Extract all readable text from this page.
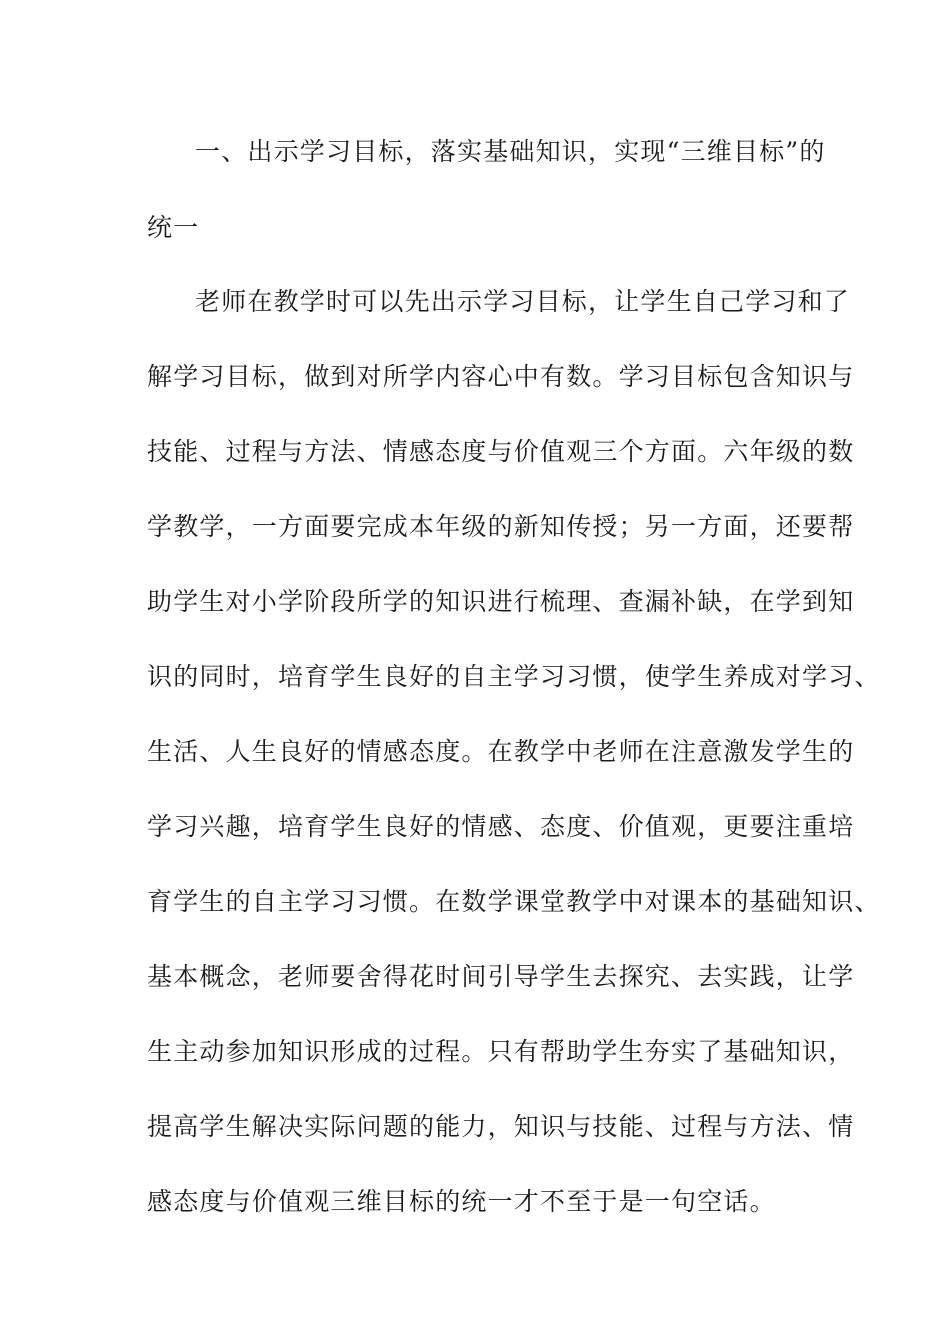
一、出示学习目标，落实基础知识，实现“三维目标”的
统一
老师在教学时可以先出示学习目标，让学生自己学习和了
解学习目标，做到对所学内容心中有数。学习目标包含知识与
技能、过程与方法、情感态度与价值观三个方面。六年级的数
学教学，一方面要完成本年级的新知传授；另一方面，还要帮
助学生对小学阶段所学的知识进行梳理、查漏补缺，在学到知
识的同时，培育学生良好的自主学习习惯，使学生养成对学习、
生活、人生良好的情感态度。在教学中老师在注意激发学生的
学习兴趣，培育学生良好的情感、态度、价值观，更要注重培
育学生的自主学习习惯。在数学课堂教学中对课本的基础知识、
基本概念，老师要舍得花时间引导学生去探究、去实践，让学
生主动参加知识形成的过程。只有帮助学生夯实了基础知识，
提高学生解决实际问题的能力，知识与技能、过程与方法、情
感态度与价值观三维目标的统一才不至于是一句空话。
